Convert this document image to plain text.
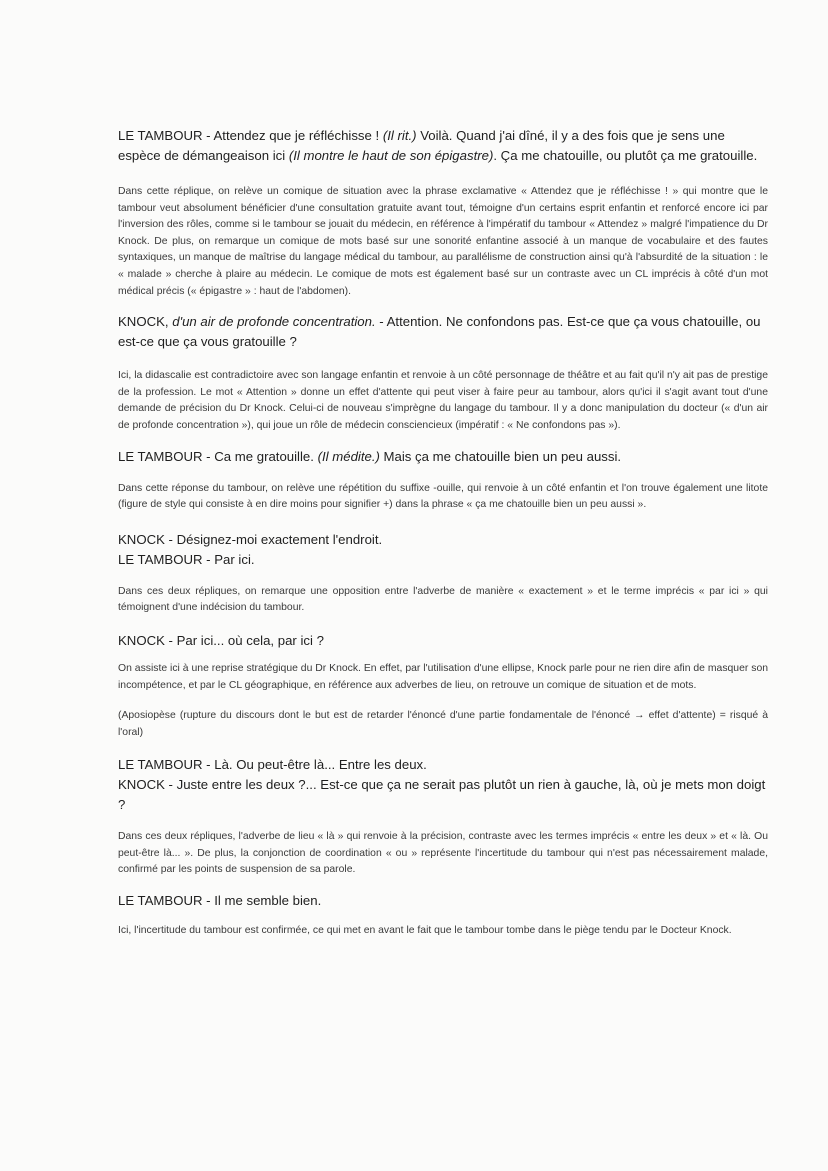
LE TAMBOUR - Attendez que je réfléchisse ! (Il rit.) Voilà. Quand j'ai dîné, il y a des fois que je sens une espèce de démangeaison ici (Il montre le haut de son épigastre). Ça me chatouille, ou plutôt ça me gratouille.

Dans cette réplique, on relève un comique de situation avec la phrase exclamative « Attendez que je réfléchisse ! » qui montre que le tambour veut absolument bénéficier d'une consultation gratuite avant tout, témoigne d'un certains esprit enfantin et renforcé encore ici par l'inversion des rôles, comme si le tambour se jouait du médecin, en référence à l'impératif du tambour « Attendez » malgré l'impatience du Dr Knock. De plus, on remarque un comique de mots basé sur une sonorité enfantine associé à un manque de vocabulaire et des fautes syntaxiques, un manque de maîtrise du langage médical du tambour, au parallélisme de construction ainsi qu'à l'absurdité de la situation : le « malade » cherche à plaire au médecin. Le comique de mots est également basé sur un contraste avec un CL imprécis à côté d'un mot médical précis (« épigastre » : haut de l'abdomen).

KNOCK, d'un air de profonde concentration. - Attention. Ne confondons pas. Est-ce que ça vous chatouille, ou est-ce que ça vous gratouille ?

Ici, la didascalie est contradictoire avec son langage enfantin et renvoie à un côté personnage de théâtre et au fait qu'il n'y ait pas de prestige de la profession. Le mot « Attention » donne un effet d'attente qui peut viser à faire peur au tambour, alors qu'ici il s'agit avant tout d'une demande de précision du Dr Knock. Celui-ci de nouveau s'imprègne du langage du tambour. Il y a donc manipulation du docteur (« d'un air de profonde concentration »), qui joue un rôle de médecin consciencieux (impératif : « Ne confondons pas »).

LE TAMBOUR - Ca me gratouille. (Il médite.) Mais ça me chatouille bien un peu aussi.

Dans cette réponse du tambour, on relève une répétition du suffixe -ouille, qui renvoie à un côté enfantin et l'on trouve également une litote (figure de style qui consiste à en dire moins pour signifier +) dans la phrase « ça me chatouille bien un peu aussi ».

KNOCK - Désignez-moi exactement l'endroit.

LE TAMBOUR - Par ici.

Dans ces deux répliques, on remarque une opposition entre l'adverbe de manière « exactement » et le terme imprécis « par ici » qui témoignent d'une indécision du tambour.

KNOCK - Par ici... où cela, par ici ?

On assiste ici à une reprise stratégique du Dr Knock. En effet, par l'utilisation d'une ellipse, Knock parle pour ne rien dire afin de masquer son incompétence, et par le CL géographique, en référence aux adverbes de lieu, on retrouve un comique de situation et de mots.

(Aposiopèse (rupture du discours dont le but est de retarder l'énoncé d'une partie fondamentale de l'énoncé → effet d'attente) = risqué à l'oral)

LE TAMBOUR - Là. Ou peut-être là... Entre les deux.

KNOCK - Juste entre les deux ?... Est-ce que ça ne serait pas plutôt un rien à gauche, là, où je mets mon doigt ?

Dans ces deux répliques, l'adverbe de lieu « là » qui renvoie à la précision, contraste avec les termes imprécis « entre les deux » et « là. Ou peut-être là... ». De plus, la conjonction de coordination « ou » représente l'incertitude du tambour qui n'est pas nécessairement malade, confirmé par les points de suspension de sa parole.

LE TAMBOUR - Il me semble bien.

Ici, l'incertitude du tambour est confirmée, ce qui met en avant le fait que le tambour tombe dans le piège tendu par le Docteur Knock.
